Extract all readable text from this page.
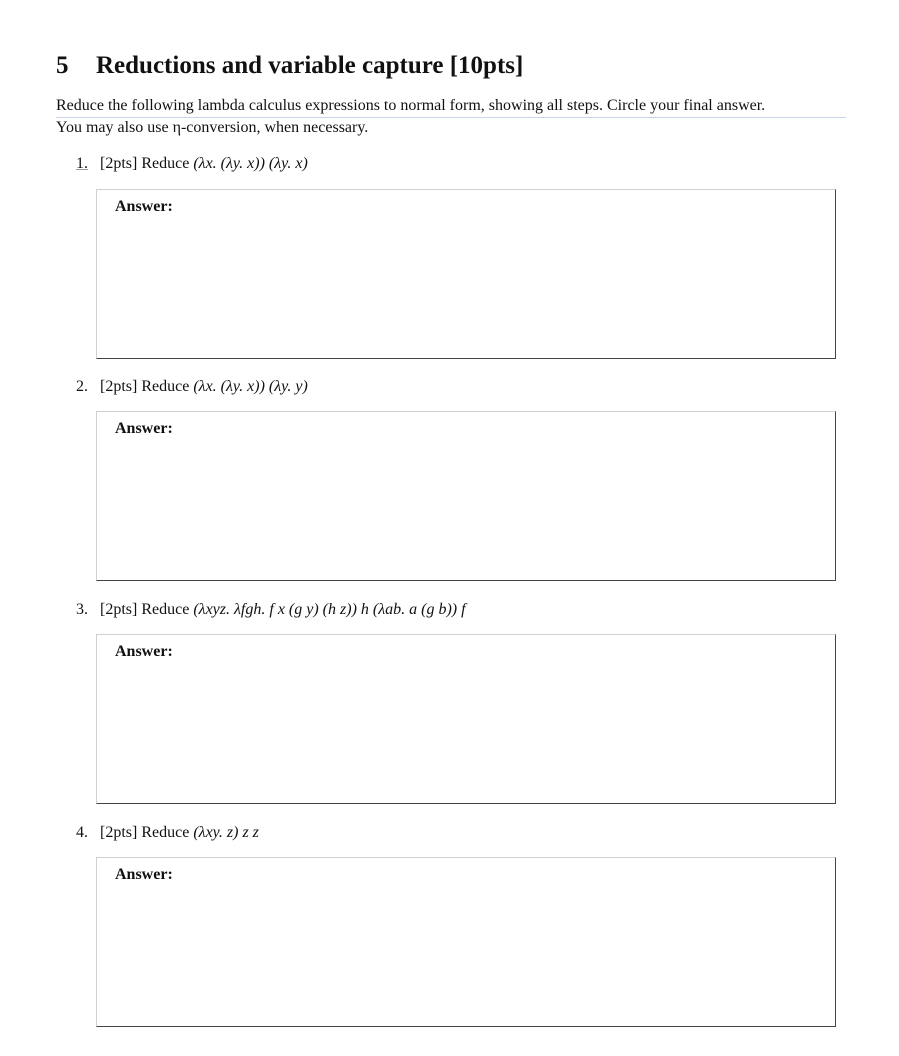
5 Reductions and variable capture [10pts]
Reduce the following lambda calculus expressions to normal form, showing all steps. Circle your final answer.
You may also use η-conversion, when necessary.
1. [2pts] Reduce (λx. (λy. x)) (λy. x)
Answer:
2. [2pts] Reduce (λx. (λy. x)) (λy. y)
Answer:
3. [2pts] Reduce (λxyz. λfgh. f x (g y) (h z)) h (λab. a (g b)) f
Answer:
4. [2pts] Reduce (λxy. z) z z
Answer:
